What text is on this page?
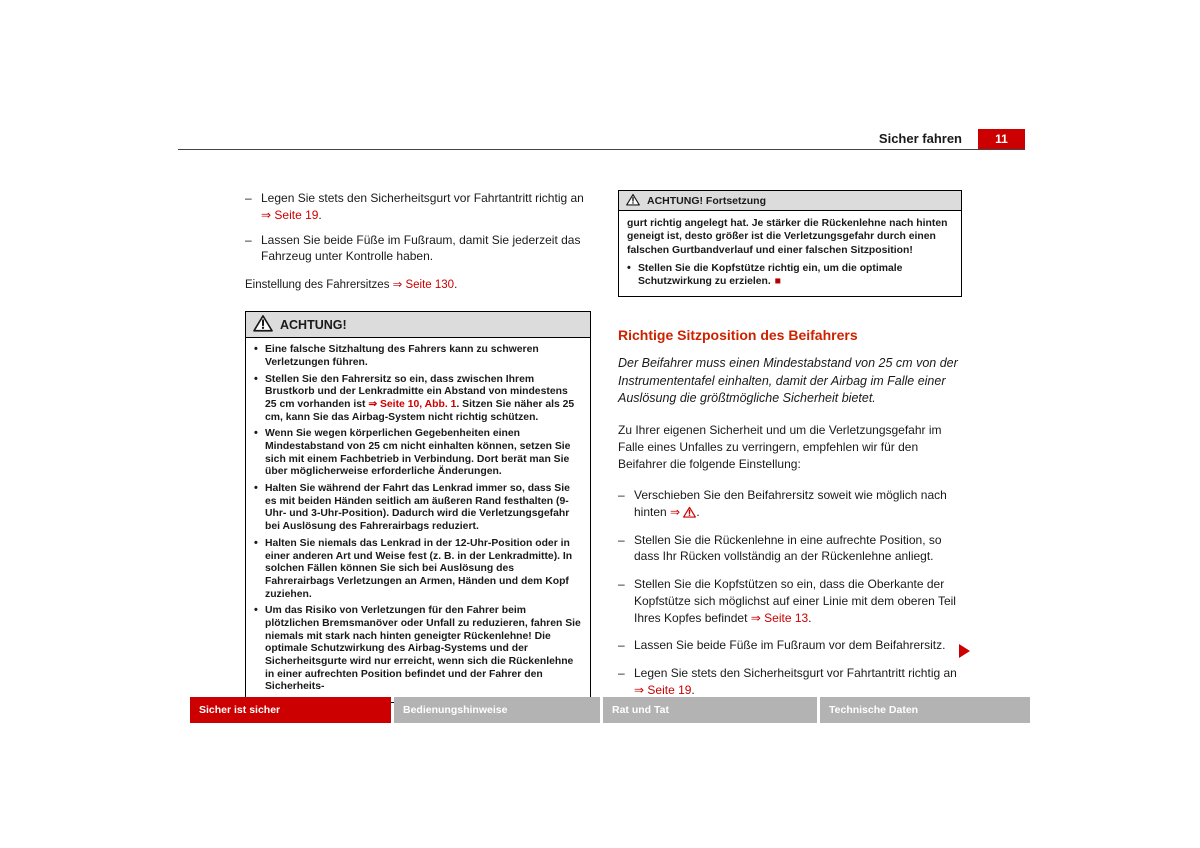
Sicher fahren	11
– Legen Sie stets den Sicherheitsgurt vor Fahrtantritt richtig an ⇒ Seite 19.
– Lassen Sie beide Füße im Fußraum, damit Sie jederzeit das Fahrzeug unter Kontrolle haben.
Einstellung des Fahrersitzes ⇒ Seite 130.
ACHTUNG!
• Eine falsche Sitzhaltung des Fahrers kann zu schweren Verletzungen führen.
• Stellen Sie den Fahrersitz so ein, dass zwischen Ihrem Brustkorb und der Lenkradmitte ein Abstand von mindestens 25 cm vorhanden ist ⇒ Seite 10, Abb. 1. Sitzen Sie näher als 25 cm, kann Sie das Airbag-System nicht richtig schützen.
• Wenn Sie wegen körperlichen Gegebenheiten einen Mindestabstand von 25 cm nicht einhalten können, setzen Sie sich mit einem Fachbetrieb in Verbindung. Dort berät man Sie über möglicherweise erforderliche Änderungen.
• Halten Sie während der Fahrt das Lenkrad immer so, dass Sie es mit beiden Händen seitlich am äußeren Rand festhalten (9-Uhr- und 3-Uhr-Position). Dadurch wird die Verletzungsgefahr bei Auslösung des Fahrerairbags reduziert.
• Halten Sie niemals das Lenkrad in der 12-Uhr-Position oder in einer anderen Art und Weise fest (z. B. in der Lenkradmitte). In solchen Fällen können Sie sich bei Auslösung des Fahrerairbags Verletzungen an Armen, Händen und dem Kopf zuziehen.
• Um das Risiko von Verletzungen für den Fahrer beim plötzlichen Bremsmanöver oder Unfall zu reduzieren, fahren Sie niemals mit stark nach hinten geneigter Rückenlehne! Die optimale Schutzwirkung des Airbag-Systems und der Sicherheitsgurte wird nur erreicht, wenn sich die Rückenlehne in einer aufrechten Position befindet und der Fahrer den Sicherheits-
ACHTUNG! Fortsetzung
gurt richtig angelegt hat. Je stärker die Rückenlehne nach hinten geneigt ist, desto größer ist die Verletzungsgefahr durch einen falschen Gurtbandverlauf und einer falschen Sitzposition!
• Stellen Sie die Kopfstütze richtig ein, um die optimale Schutzwirkung zu erzielen. ■
Richtige Sitzposition des Beifahrers
Der Beifahrer muss einen Mindestabstand von 25 cm von der Instrumententafel einhalten, damit der Airbag im Falle einer Auslösung die größtmögliche Sicherheit bietet.
Zu Ihrer eigenen Sicherheit und um die Verletzungsgefahr im Falle eines Unfalles zu verringern, empfehlen wir für den Beifahrer die folgende Einstellung:
– Verschieben Sie den Beifahrersitz soweit wie möglich nach hinten ⇒ .
– Stellen Sie die Rückenlehne in eine aufrechte Position, so dass Ihr Rücken vollständig an der Rückenlehne anliegt.
– Stellen Sie die Kopfstützen so ein, dass die Oberkante der Kopfstütze sich möglichst auf einer Linie mit dem oberen Teil Ihres Kopfes befindet ⇒ Seite 13.
– Lassen Sie beide Füße im Fußraum vor dem Beifahrersitz.
– Legen Sie stets den Sicherheitsgurt vor Fahrtantritt richtig an ⇒ Seite 19.
Sicher ist sicher	Bedienungshinweise	Rat und Tat	Technische Daten
